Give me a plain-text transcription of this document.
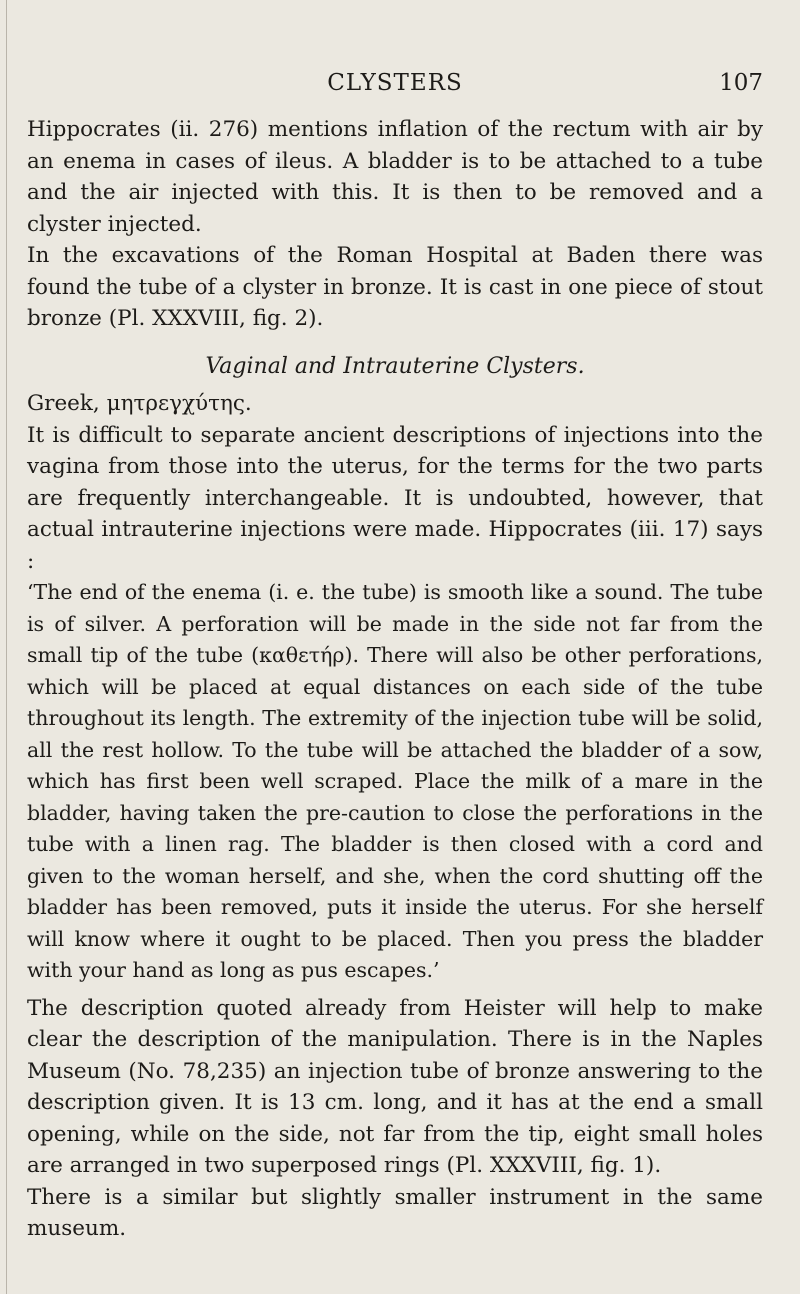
CLYSTERS	107

Hippocrates (ii. 276) mentions inflation of the rectum with air by an enema in cases of ileus. A bladder is to be attached to a tube and the air injected with this. It is then to be removed and a clyster injected.

In the excavations of the Roman Hospital at Baden there was found the tube of a clyster in bronze. It is cast in one piece of stout bronze (Pl. XXXVIII, fig. 2).

Vaginal and Intrauterine Clysters.

Greek, μητρεγχύτης.

It is difficult to separate ancient descriptions of injections into the vagina from those into the uterus, for the terms for the two parts are frequently interchangeable. It is undoubted, however, that actual intrauterine injections were made. Hippocrates (iii. 17) says :

‘The end of the enema (i. e. the tube) is smooth like a sound. The tube is of silver. A perforation will be made in the side not far from the small tip of the tube (καθετήρ). There will also be other perforations, which will be placed at equal distances on each side of the tube throughout its length. The extremity of the injection tube will be solid, all the rest hollow. To the tube will be attached the bladder of a sow, which has first been well scraped. Place the milk of a mare in the bladder, having taken the pre-caution to close the perforations in the tube with a linen rag. The bladder is then closed with a cord and given to the woman herself, and she, when the cord shutting off the bladder has been removed, puts it inside the uterus. For she herself will know where it ought to be placed. Then you press the bladder with your hand as long as pus escapes.’

The description quoted already from Heister will help to make clear the description of the manipulation. There is in the Naples Museum (No. 78,235) an injection tube of bronze answering to the description given. It is 13 cm. long, and it has at the end a small opening, while on the side, not far from the tip, eight small holes are arranged in two superposed rings (Pl. XXXVIII, fig. 1).

There is a similar but slightly smaller instrument in the same museum.
